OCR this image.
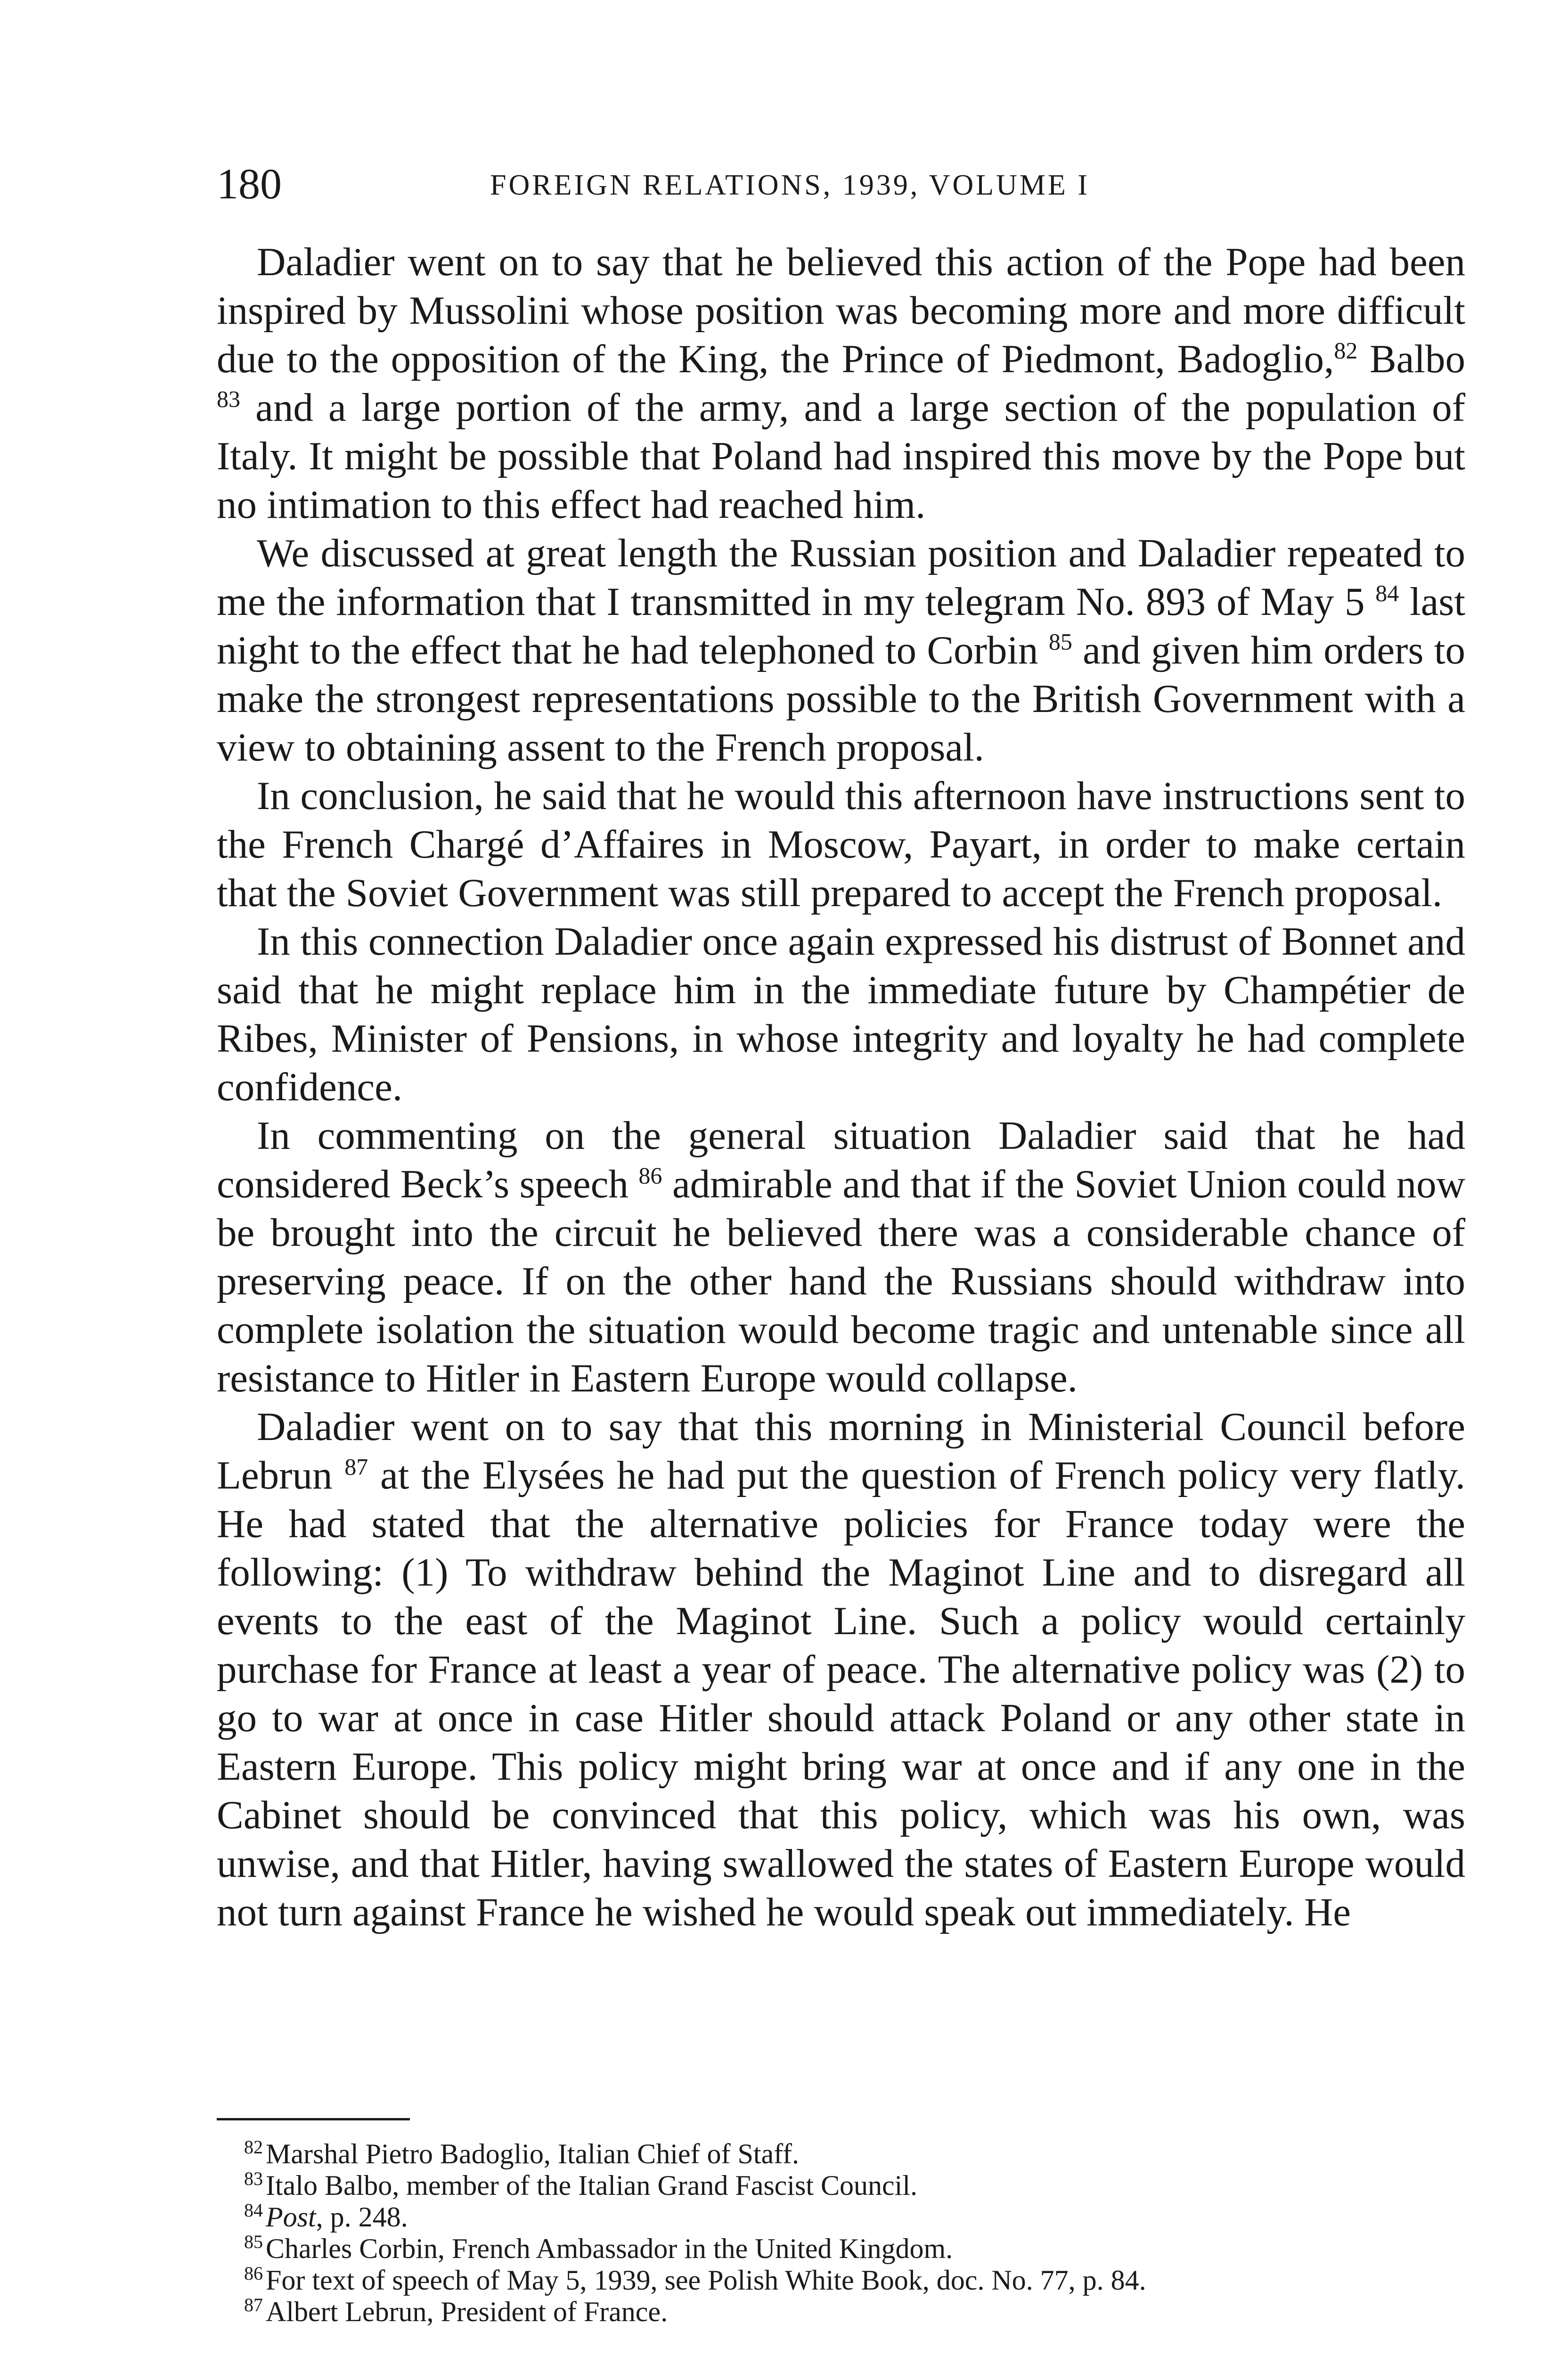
180	FOREIGN RELATIONS, 1939, VOLUME I

Daladier went on to say that he believed this action of the Pope had been inspired by Mussolini whose position was becoming more and more difficult due to the opposition of the King, the Prince of Piedmont, Badoglio,$^{82}$ Balbo $^{83}$ and a large portion of the army, and a large section of the population of Italy. It might be possible that Poland had inspired this move by the Pope but no intimation to this effect had reached him.

We discussed at great length the Russian position and Daladier repeated to me the information that I transmitted in my telegram No. 893 of May 5 $^{84}$ last night to the effect that he had telephoned to Corbin $^{85}$ and given him orders to make the strongest representations possible to the British Government with a view to obtaining assent to the French proposal.

In conclusion, he said that he would this afternoon have instructions sent to the French Chargé d’Affaires in Moscow, Payart, in order to make certain that the Soviet Government was still prepared to accept the French proposal.

In this connection Daladier once again expressed his distrust of Bonnet and said that he might replace him in the immediate future by Champétier de Ribes, Minister of Pensions, in whose integrity and loyalty he had complete confidence.

In commenting on the general situation Daladier said that he had considered Beck’s speech $^{86}$ admirable and that if the Soviet Union could now be brought into the circuit he believed there was a considerable chance of preserving peace. If on the other hand the Russians should withdraw into complete isolation the situation would become tragic and untenable since all resistance to Hitler in Eastern Europe would collapse.

Daladier went on to say that this morning in Ministerial Council before Lebrun $^{87}$ at the Elysées he had put the question of French policy very flatly. He had stated that the alternative policies for France today were the following: (1) To withdraw behind the Maginot Line and to disregard all events to the east of the Maginot Line. Such a policy would certainly purchase for France at least a year of peace. The alternative policy was (2) to go to war at once in case Hitler should attack Poland or any other state in Eastern Europe. This policy might bring war at once and if any one in the Cabinet should be convinced that this policy, which was his own, was unwise, and that Hitler, having swallowed the states of Eastern Europe would not turn against France he wished he would speak out immediately. He

$^{82}$ Marshal Pietro Badoglio, Italian Chief of Staff.
$^{83}$ Italo Balbo, member of the Italian Grand Fascist Council.
$^{84}$ Post, p. 248.
$^{85}$ Charles Corbin, French Ambassador in the United Kingdom.
$^{86}$ For text of speech of May 5, 1939, see Polish White Book, doc. No. 77, p. 84.
$^{87}$ Albert Lebrun, President of France.
